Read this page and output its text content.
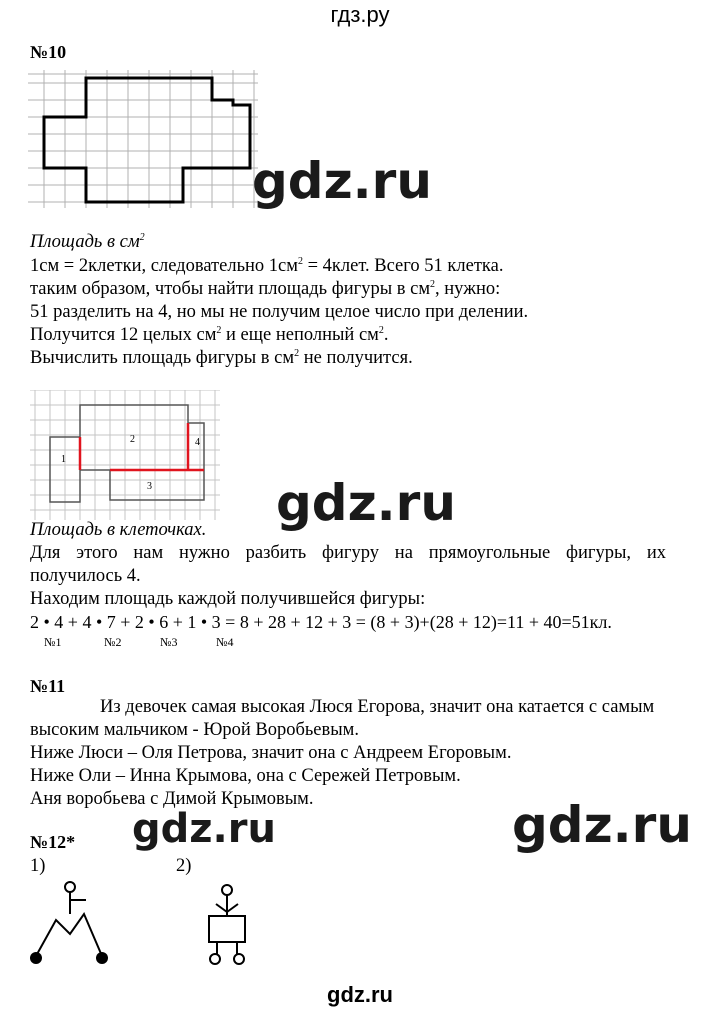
гдз.ру
№10
gdz.ru
Площадь в $см^2$
1см = 2клетки, следовательно $1см^2$ = 4клет. Всего 51 клетка.
таким образом, чтобы найти площадь фигуры в $см^2$, нужно:
51 разделить на 4, но мы не получим целое число при делении.
Получится 12 целых $см^2$ и еще неполный $см^2$.
Вычислить площадь фигуры в $см^2$ не получится.
1
2
3
4
gdz.ru
Площадь в клеточках.
Для этого нам нужно разбить фигуру на прямоугольные фигуры, их
получилось 4.
Находим площадь каждой получившейся фигуры:
2 • 4 + 4 • 7 + 2 • 6 + 1 • 3 = 8 + 28 + 12 + 3 = (8 + 3)+(28 + 12)=11 + 40=51кл.
№1	№2	№3	№4
№11
Из девочек самая высокая Люся Егорова, значит она катается с самым
высоким мальчиком - Юрой Воробьевым.
Ниже Люси – Оля Петрова, значит она с Андреем Егоровым.
Ниже Оли – Инна Крымова, она с Сережей Петровым.
Аня воробьева с Димой Крымовым.
gdz.ru	gdz.ru
№12*
1)	2)
gdz.ru
